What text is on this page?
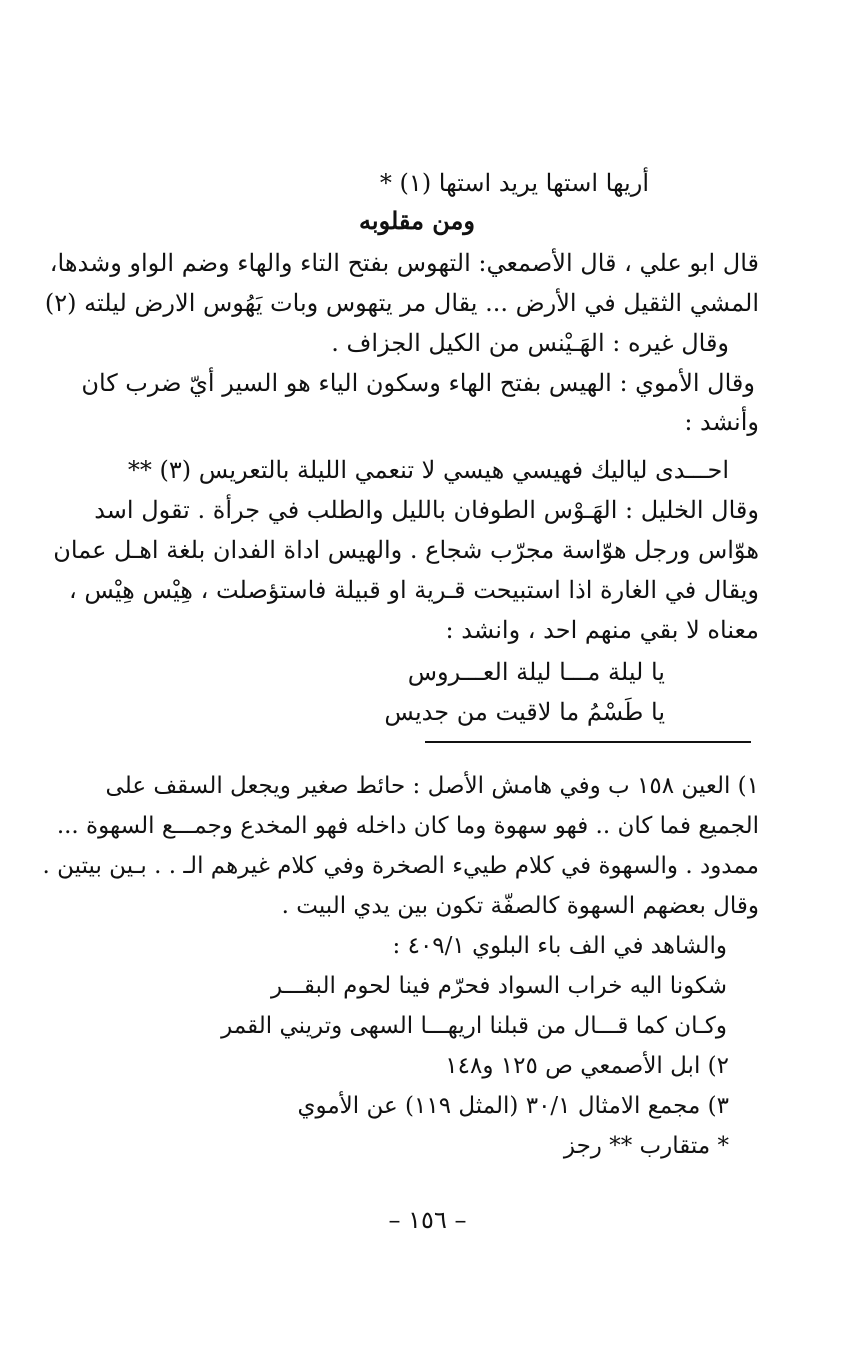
أريها استها يريد استها (١) *
ومن مقلوبه
قال ابو علي ، قال الأصمعي: التهوس بفتح التاء والهاء وضم الواو وشدها،
المشي الثقيل في الأرض ... يقال مر يتهوس وبات يَهُوس الارض ليلته (٢)
وقال غيره : الهَـيْنس من الكيل الجزاف .
وقال الأموي : الهيس بفتح الهاء وسكون الياء هو السير أيّ ضرب كان
وأنشد :
احـــدى لياليك فهيسي هيسي لا تنعمي الليلة بالتعريس (٣) **
وقال الخليل : الهَـوْس الطوفان بالليل والطلب في جرأة . تقول اسد
هوّاس ورجل هوّاسة مجرّب شجاع . والهيس اداة الفدان بلغة اهـل عمان
ويقال في الغارة اذا استبيحت قـرية او قبيلة فاستؤصلت ، هِيْس هِيْس ،
معناه لا بقي منهم احد ، وانشد :
يا ليلة مـــا ليلة العـــروس
يا طَسْمُ ما لاقيت من جديس
١) العين ١٥٨ ب وفي هامش الأصل : حائط صغير ويجعل السقف على
الجميع فما كان .. فهو سهوة وما كان داخله فهو المخدع وجمـــع السهوة ...
ممدود . والسهوة في كلام طييء الصخرة وفي كلام غيرهم الـ . . بـين بيتين .
وقال بعضهم السهوة كالصفّة تكون بين يدي البيت .
والشاهد في الف باء البلوي ٤٠٩/١ :
شكونا اليه خراب السواد فحرّم فينا لحوم البقـــر
وكـان كما قـــال من قبلنا اريهـــا السهى وتريني القمر
٢) ابل الأصمعي ص ١٢٥ و١٤٨
٣) مجمع الامثال ٣٠/١ (المثل ١١٩) عن الأموي
* متقارب ** رجز
– ١٥٦ –
